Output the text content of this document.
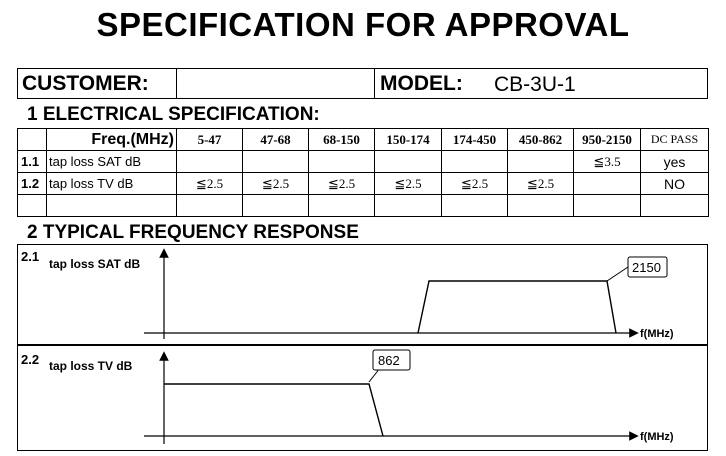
SPECIFICATION FOR APPROVAL
CUSTOMER:	MODEL: CB-3U-1
1 ELECTRICAL SPECIFICATION:
	Freq.(MHz)	5-47	47-68	68-150	150-174	174-450	450-862	950-2150	DC PASS
1.1	tap loss SAT dB							≦3.5	yes
1.2	tap loss TV dB	≦2.5	≦2.5	≦2.5	≦2.5	≦2.5	≦2.5		NO

2 TYPICAL FREQUENCY RESPONSE
2.1 tap loss SAT dB	2150
f(MHz)
2.2 tap loss TV dB	862
f(MHz)
